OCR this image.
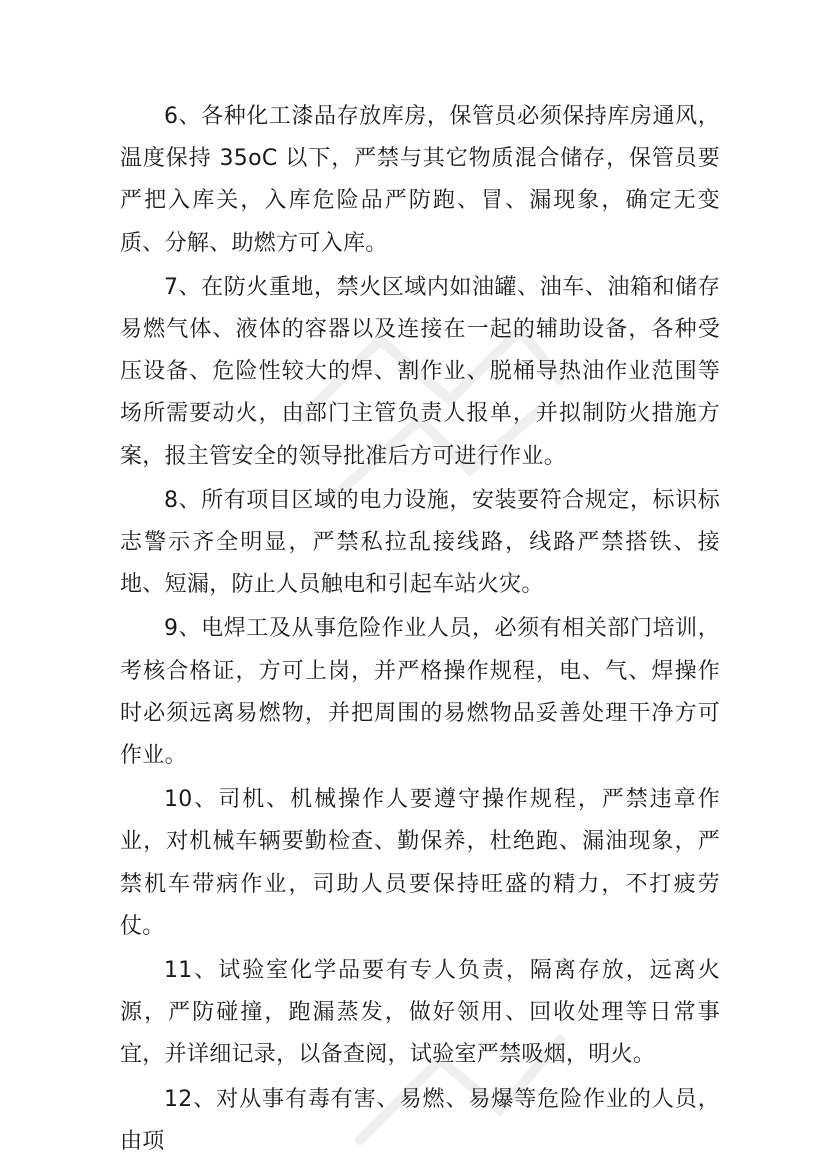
6、各种化工漆品存放库房，保管员必须保持库房通风，温度保持 35oC 以下，严禁与其它物质混合储存，保管员要严把入库关，入库危险品严防跑、冒、漏现象，确定无变质、分解、助燃方可入库。

7、在防火重地，禁火区域内如油罐、油车、油箱和储存易燃气体、液体的容器以及连接在一起的辅助设备，各种受压设备、危险性较大的焊、割作业、脱桶导热油作业范围等场所需要动火，由部门主管负责人报单，并拟制防火措施方案，报主管安全的领导批准后方可进行作业。

8、所有项目区域的电力设施，安装要符合规定，标识标志警示齐全明显，严禁私拉乱接线路，线路严禁搭铁、接地、短漏，防止人员触电和引起车站火灾。

9、电焊工及从事危险作业人员，必须有相关部门培训，考核合格证，方可上岗，并严格操作规程，电、气、焊操作时必须远离易燃物，并把周围的易燃物品妥善处理干净方可作业。

10、司机、机械操作人要遵守操作规程，严禁违章作业，对机械车辆要勤检查、勤保养，杜绝跑、漏油现象，严禁机车带病作业，司助人员要保持旺盛的精力，不打疲劳仗。

11、试验室化学品要有专人负责，隔离存放，远离火源，严防碰撞，跑漏蒸发，做好领用、回收处理等日常事宜，并详细记录，以备查阅，试验室严禁吸烟，明火。

12、对从事有毒有害、易燃、易爆等危险作业的人员，由项
